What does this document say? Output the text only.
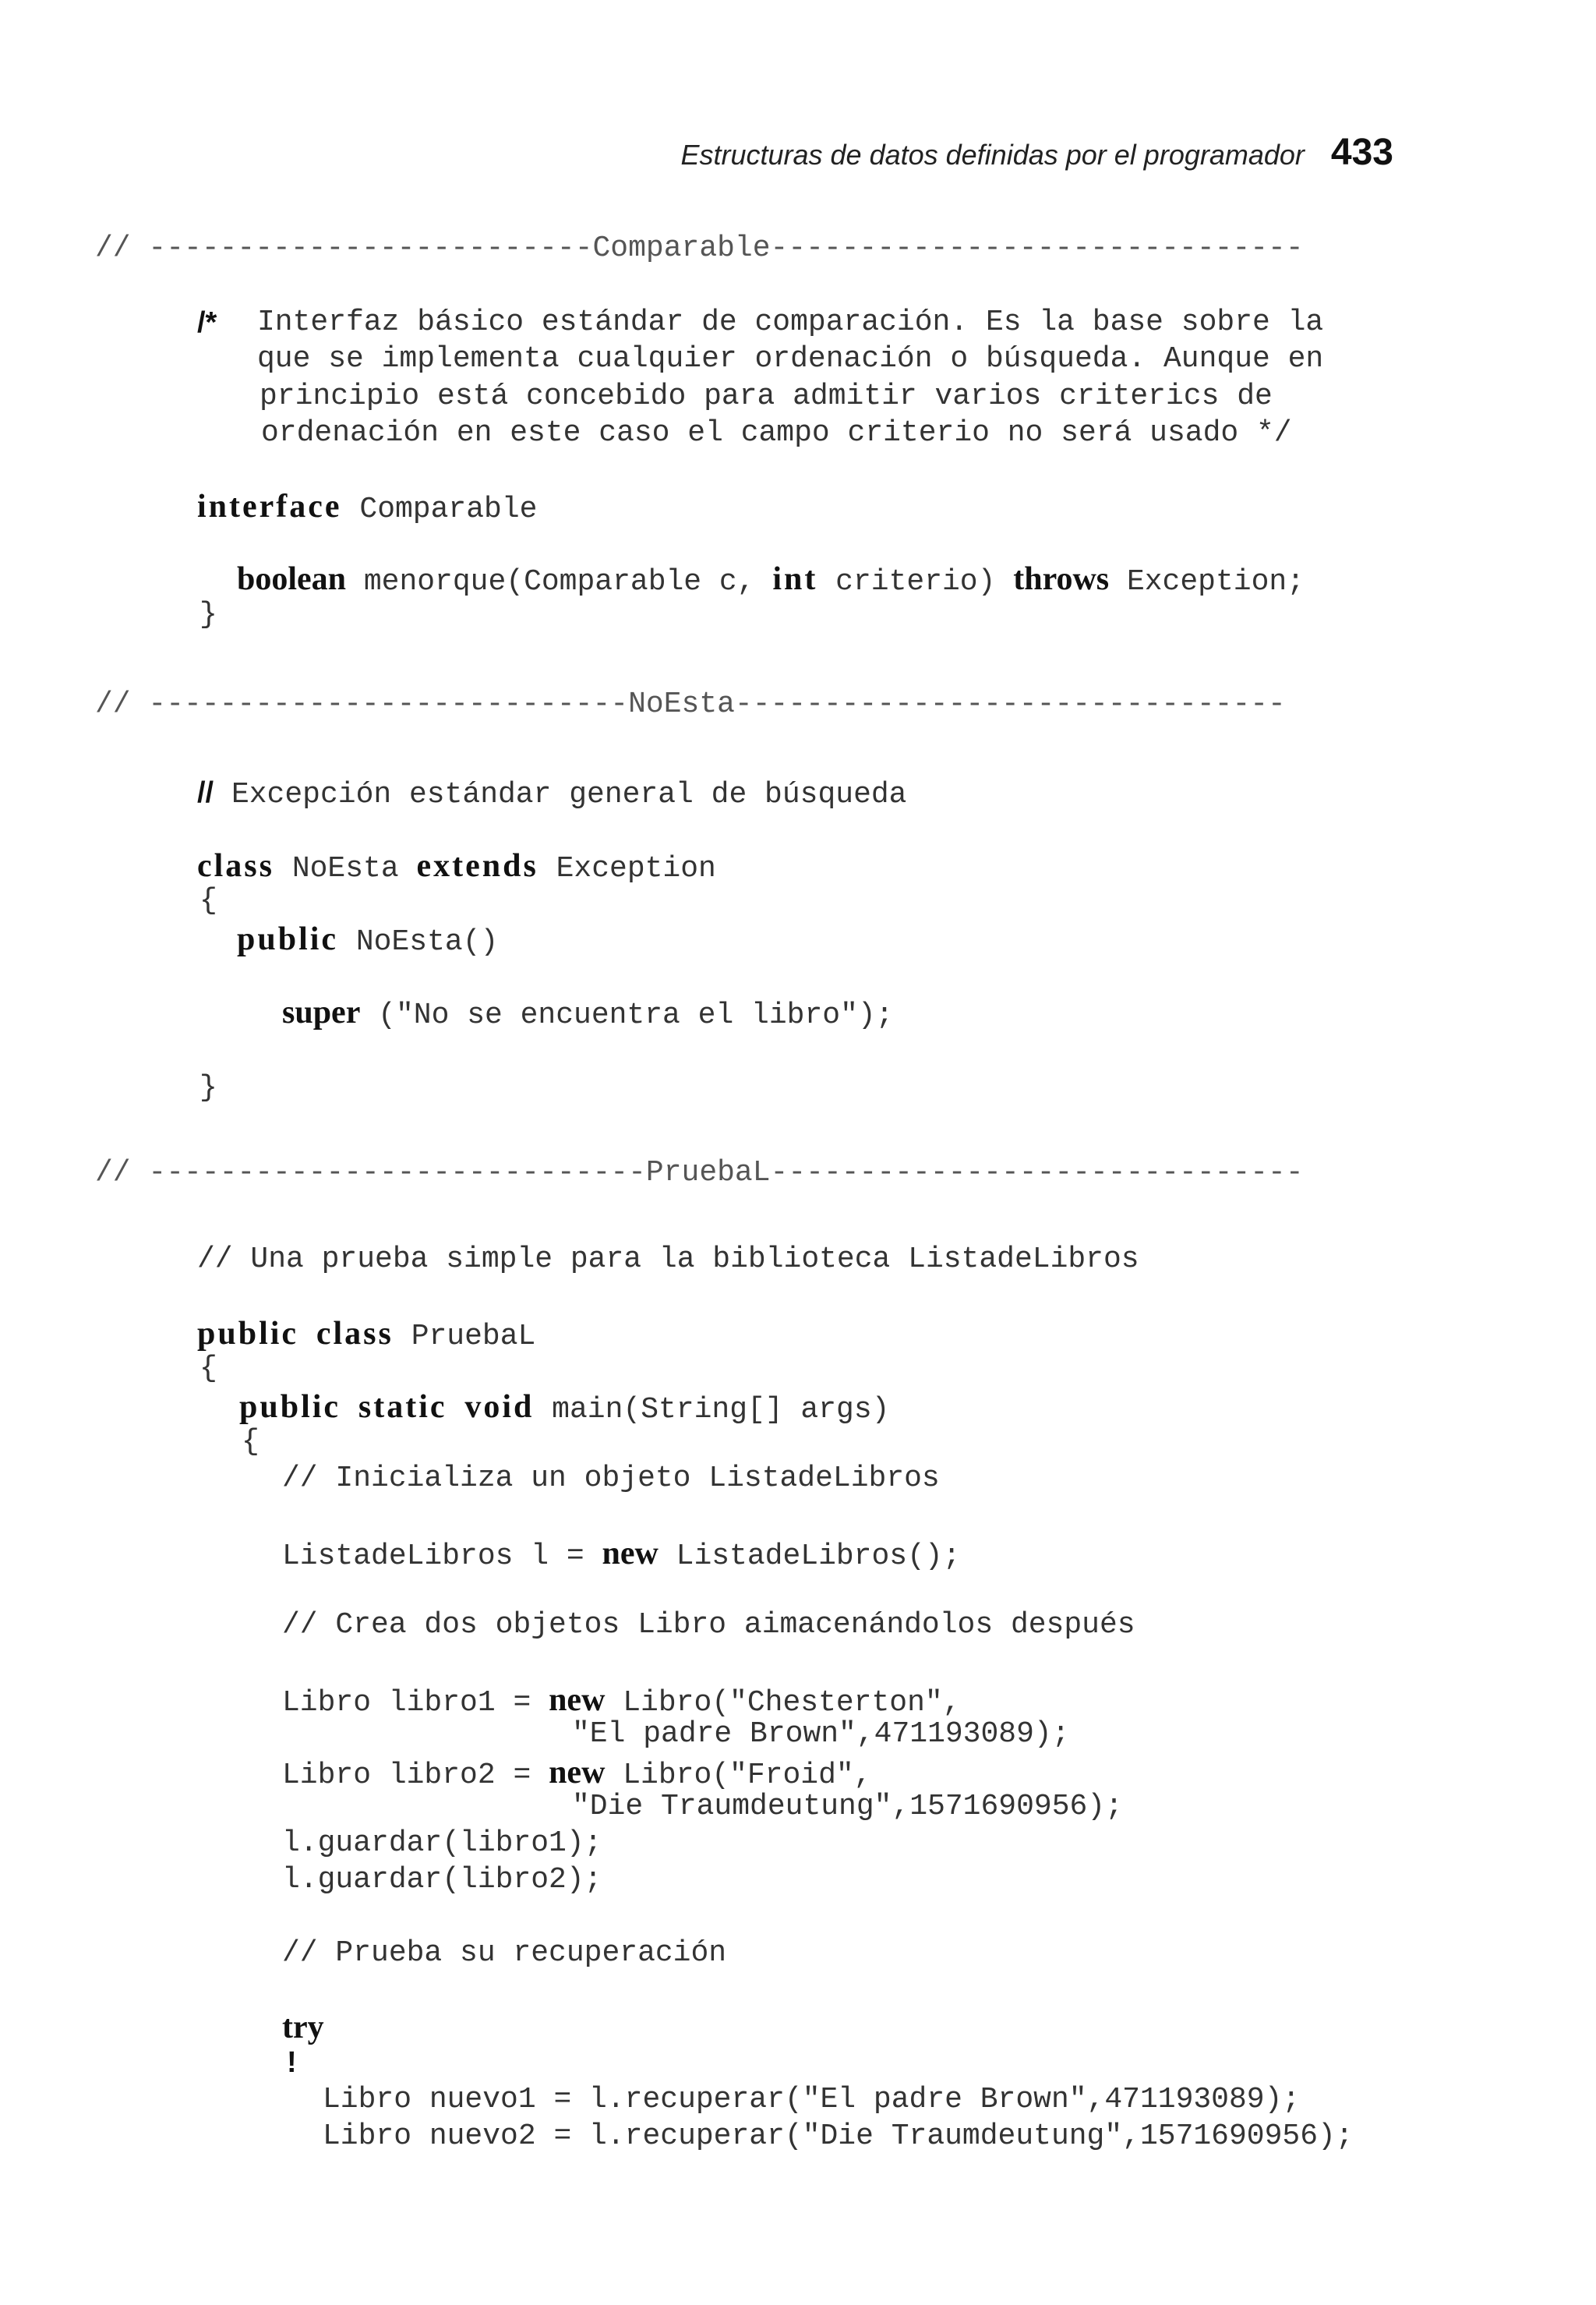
Estructuras de datos definidas por el programador 433
// -------------------------Comparable------------------------------
/* Interfaz básico estándar de comparación. Es la base sobre la
que se implementa cualquier ordenación o búsqueda. Aunque en
principio está concebido para admitir varios criterics de
ordenación en este caso el campo criterio no será usado */
interface Comparable
boolean menorque(Comparable c, int criterio) throws Exception;
}
// ---------------------------NoEsta-------------------------------
// Excepción estándar general de búsqueda
class NoEsta extends Exception
{
public NoEsta()
super ("No se encuentra el libro");
}
// ----------------------------PruebaL------------------------------
// Una prueba simple para la biblioteca ListadeLibros
public class PruebaL
{
public static void main(String[] args)
{
// Inicializa un objeto ListadeLibros
ListadeLibros l = new ListadeLibros();
// Crea dos objetos Libro aimacenándolos después
Libro libro1 = new Libro("Chesterton",
"El padre Brown",471193089);
Libro libro2 = new Libro("Froid",
"Die Traumdeutung",1571690956);
l.guardar(libro1);
l.guardar(libro2);
// Prueba su recuperación
try
!
Libro nuevo1 = l.recuperar("El padre Brown",471193089);
Libro nuevo2 = l.recuperar("Die Traumdeutung",1571690956);
